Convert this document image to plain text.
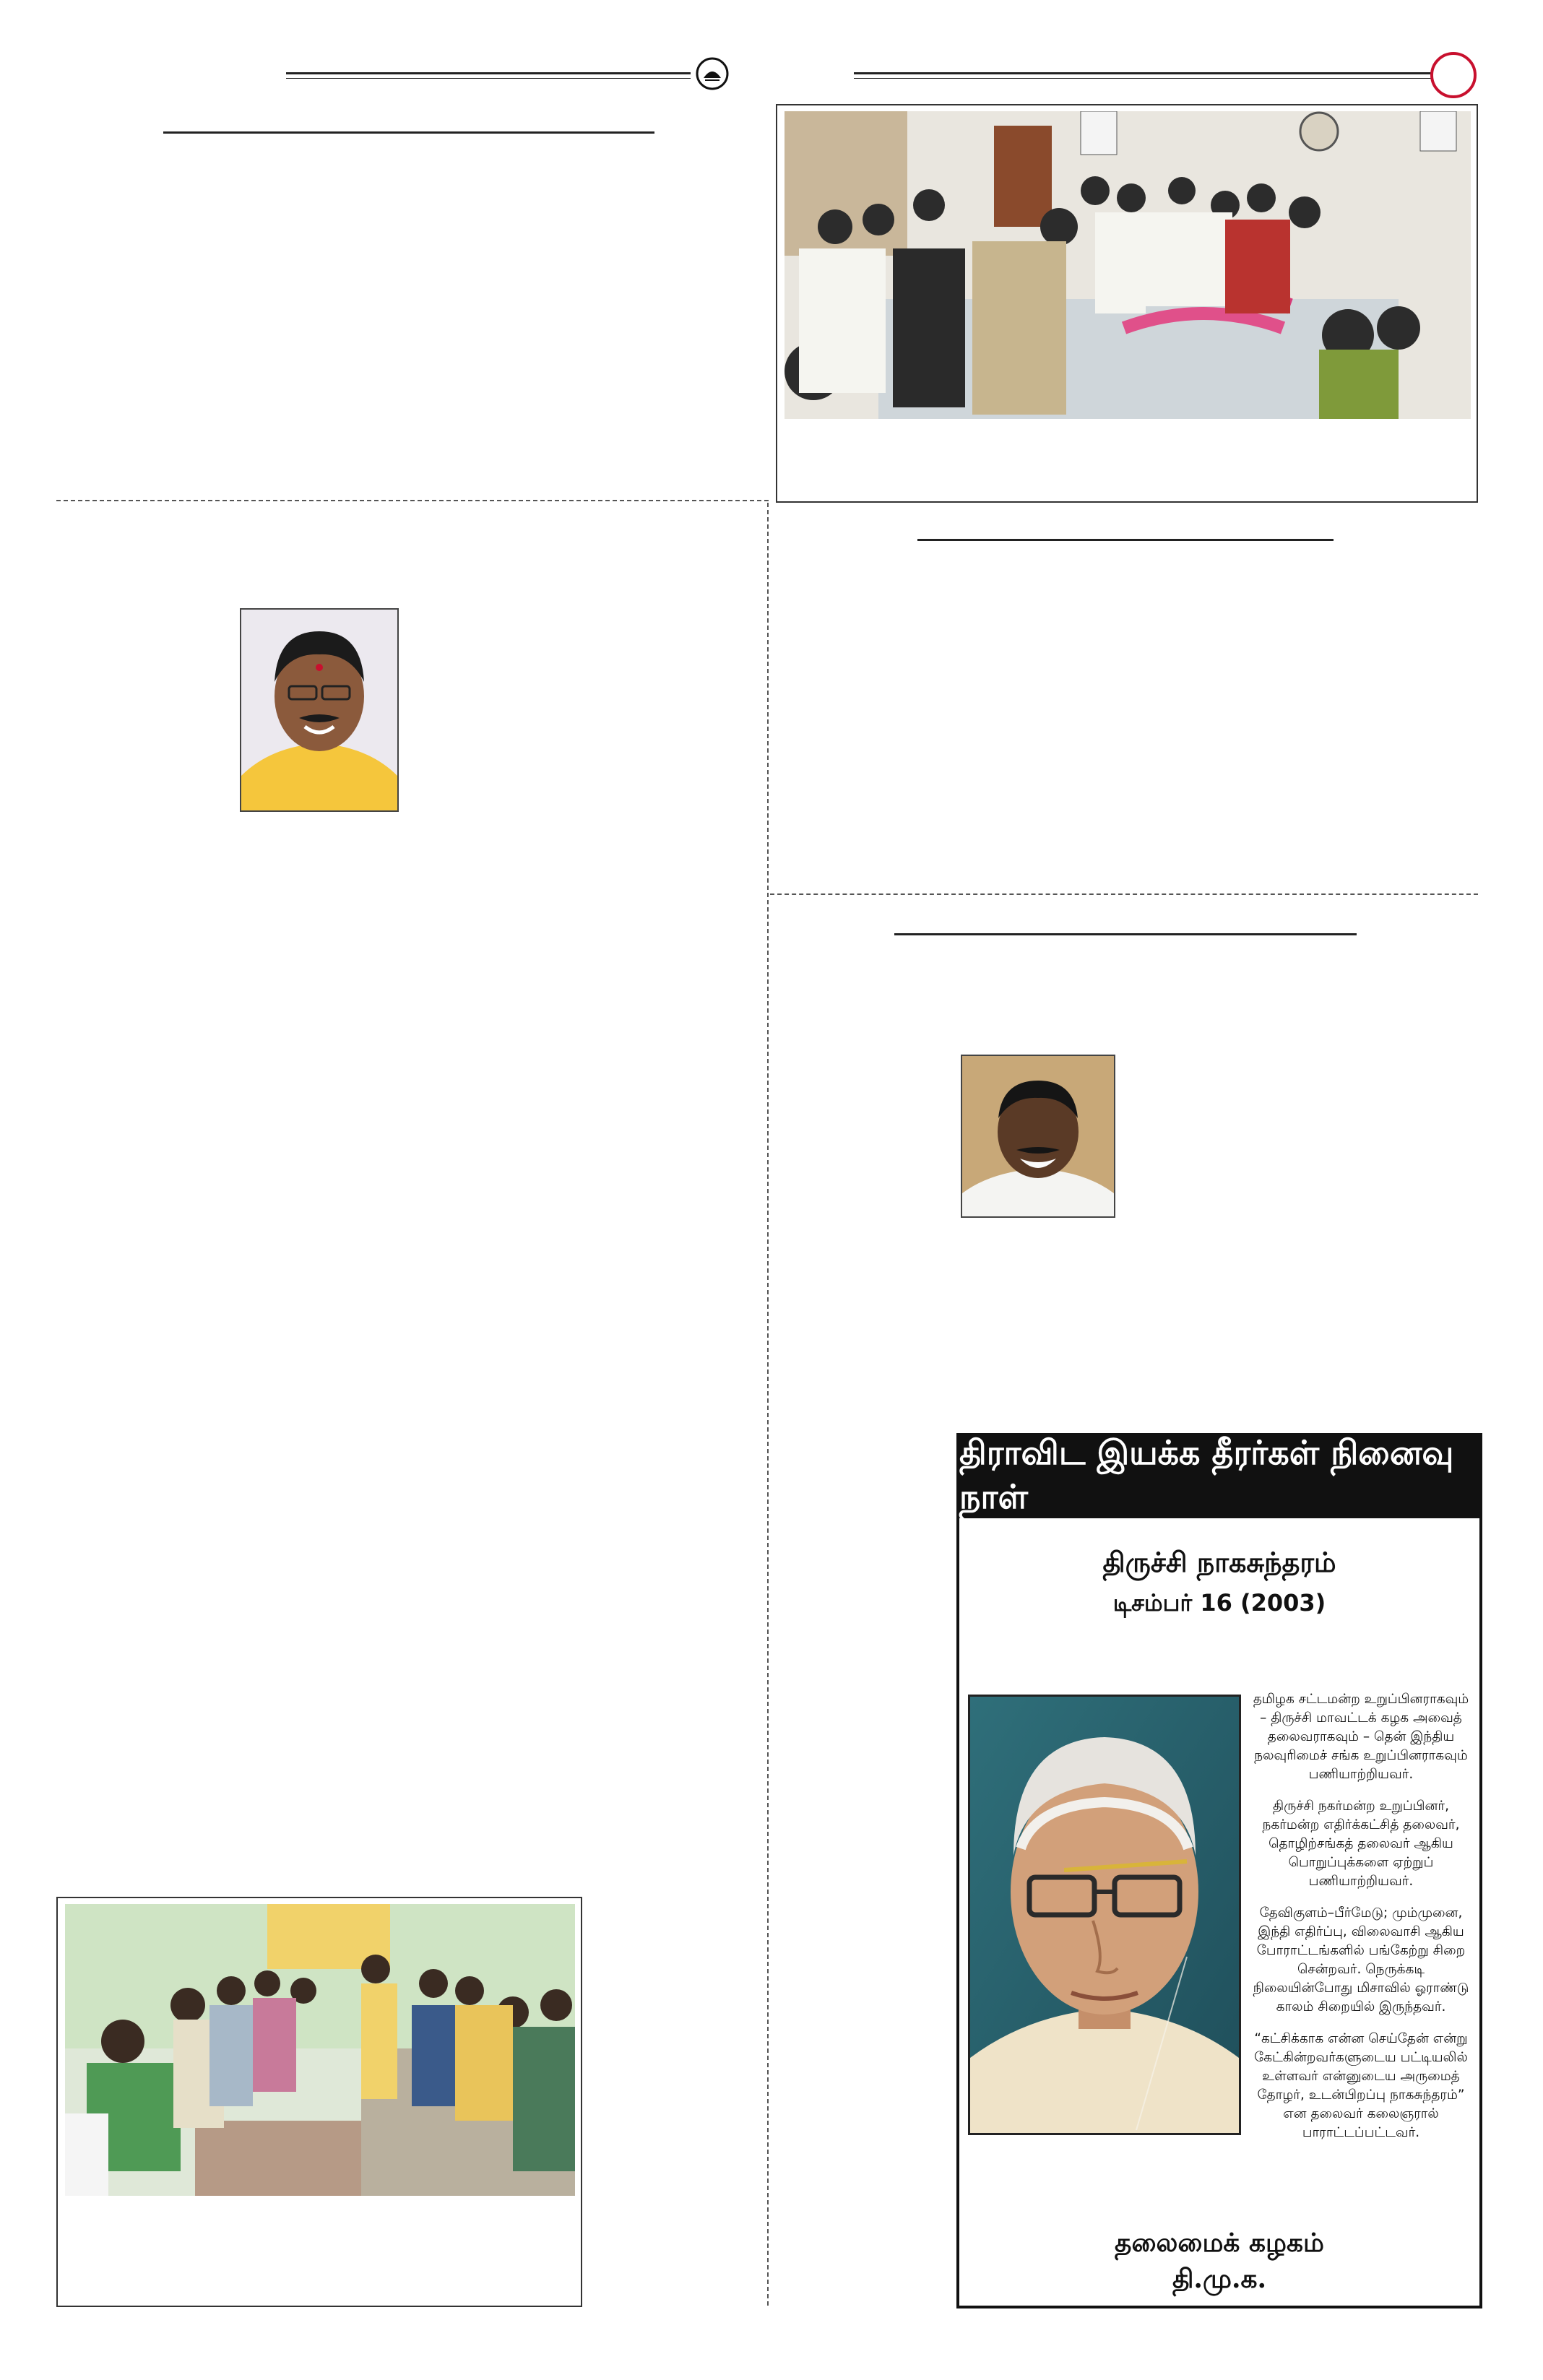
திராவிட இயக்க தீரர்கள் நினைவு நாள்
திருச்சி நாகசுந்தரம்
டிசம்பர் 16 (2003)

தமிழக சட்டமன்ற உறுப்பினராகவும் – திருச்சி மாவட்டக் கழக அவைத் தலைவராகவும் – தென் இந்திய நலவுரிமைச் சங்க உறுப்பினராகவும் பணியாற்றியவர்.

திருச்சி நகர்மன்ற உறுப்பினர், நகர்மன்ற எதிர்க்கட்சித் தலைவர், தொழிற்சங்கத் தலைவர் ஆகிய பொறுப்புக்களை ஏற்றுப் பணியாற்றியவர்.

தேவிகுளம்–பீர்மேடு; மும்முனை, இந்தி எதிர்ப்பு, விலைவாசி ஆகிய போராட்டங்களில் பங்கேற்று சிறை சென்றவர். நெருக்கடி நிலையின்போது மிசாவில் ஓராண்டு காலம் சிறையில் இருந்தவர்.

“கட்சிக்காக என்ன செய்தேன் என்று கேட்கின்றவர்களுடைய பட்டியலில் உள்ளவர் என்னுடைய அருமைத் தோழர், உடன்பிறப்பு நாகசுந்தரம்” என தலைவர் கலைஞரால் பாராட்டப்பட்டவர்.

தலைமைக் கழகம்
தி.மு.க.
